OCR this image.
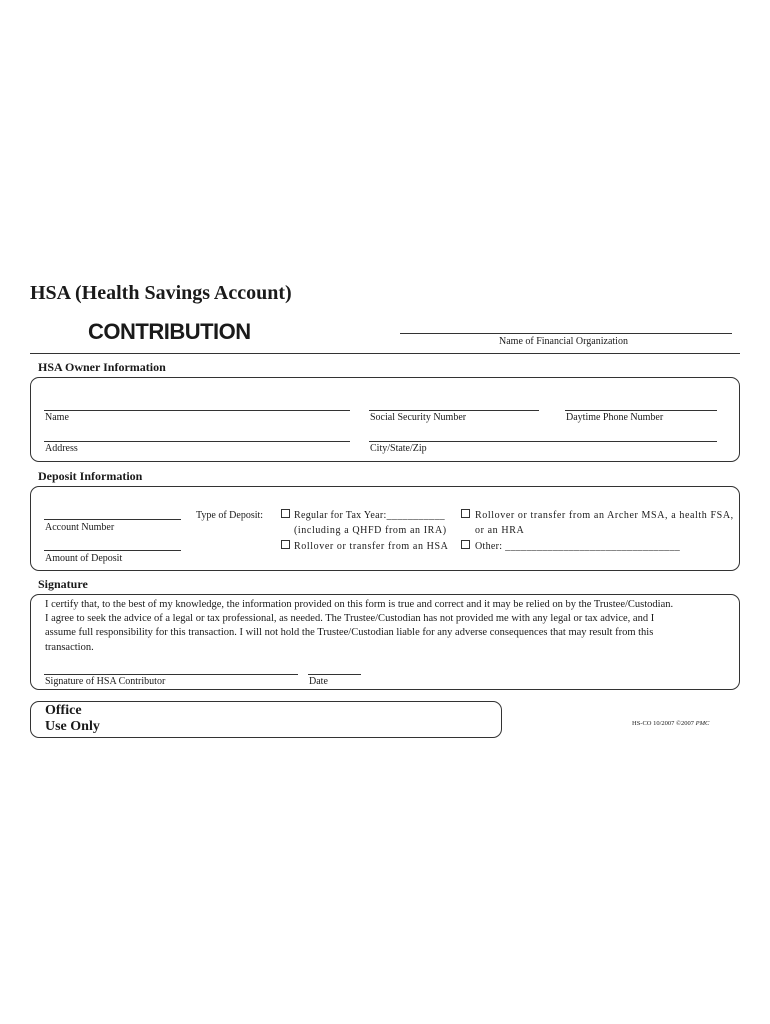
HSA (Health Savings Account)
CONTRIBUTION	Name of Financial Organization
HSA Owner Information
Name	Social Security Number	Daytime Phone Number
Address	City/State/Zip
Deposit Information
Account Number
Amount of Deposit
Type of Deposit:	Regular for Tax Year:___________
(including a QHFD from an IRA)
Rollover or transfer from an HSA
Rollover or transfer from an Archer MSA, a health FSA,
or an HRA
Other: _________________________________
Signature
I certify that, to the best of my knowledge, the information provided on this form is true and correct and it may be relied on by the Trustee/Custodian.
I agree to seek the advice of a legal or tax professional, as needed. The Trustee/Custodian has not provided me with any legal or tax advice, and I
assume full responsibility for this transaction. I will not hold the Trustee/Custodian liable for any adverse consequences that may result from this
transaction.
Signature of HSA Contributor	Date
Office
Use Only	HS-CO 10/2007 ©2007 PMC
